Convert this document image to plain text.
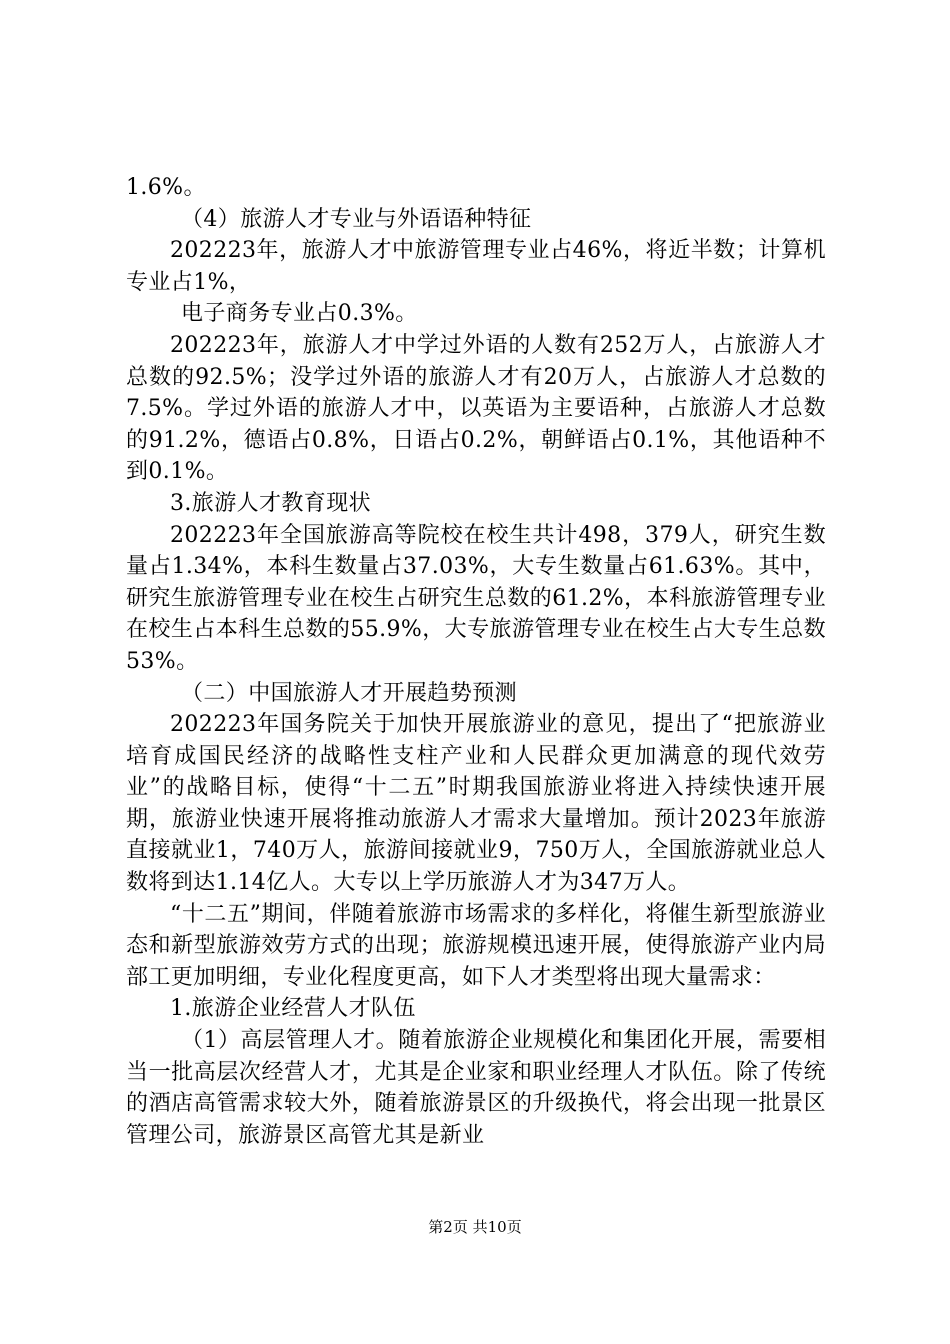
1.6%。

（4）旅游人才专业与外语语种特征

202223年，旅游人才中旅游管理专业占46%，将近半数；计算机专业占1%，

电子商务专业占0.3%。

202223年，旅游人才中学过外语的人数有252万人，占旅游人才总数的92.5%；没学过外语的旅游人才有20万人，占旅游人才总数的7.5%。学过外语的旅游人才中，以英语为主要语种，占旅游人才总数的91.2%，德语占0.8%，日语占0.2%，朝鲜语占0.1%，其他语种不到0.1%。

3.旅游人才教育现状

202223年全国旅游高等院校在校生共计498，379人，研究生数量占1.34%，本科生数量占37.03%，大专生数量占61.63%。其中，研究生旅游管理专业在校生占研究生总数的61.2%，本科旅游管理专业在校生占本科生总数的55.9%，大专旅游管理专业在校生占大专生总数53%。

（二）中国旅游人才开展趋势预测

202223年国务院关于加快开展旅游业的意见，提出了“把旅游业培育成国民经济的战略性支柱产业和人民群众更加满意的现代效劳业”的战略目标，使得“十二五”时期我国旅游业将进入持续快速开展期，旅游业快速开展将推动旅游人才需求大量增加。预计2023年旅游直接就业1，740万人，旅游间接就业9，750万人，全国旅游就业总人数将到达1.14亿人。大专以上学历旅游人才为347万人。

“十二五”期间，伴随着旅游市场需求的多样化，将催生新型旅游业态和新型旅游效劳方式的出现；旅游规模迅速开展，使得旅游产业内局部工更加明细，专业化程度更高，如下人才类型将出现大量需求：

1.旅游企业经营人才队伍

（1）高层管理人才。随着旅游企业规模化和集团化开展，需要相当一批高层次经营人才，尤其是企业家和职业经理人才队伍。除了传统的酒店高管需求较大外，随着旅游景区的升级换代，将会出现一批景区管理公司，旅游景区高管尤其是新业

第2页 共10页
